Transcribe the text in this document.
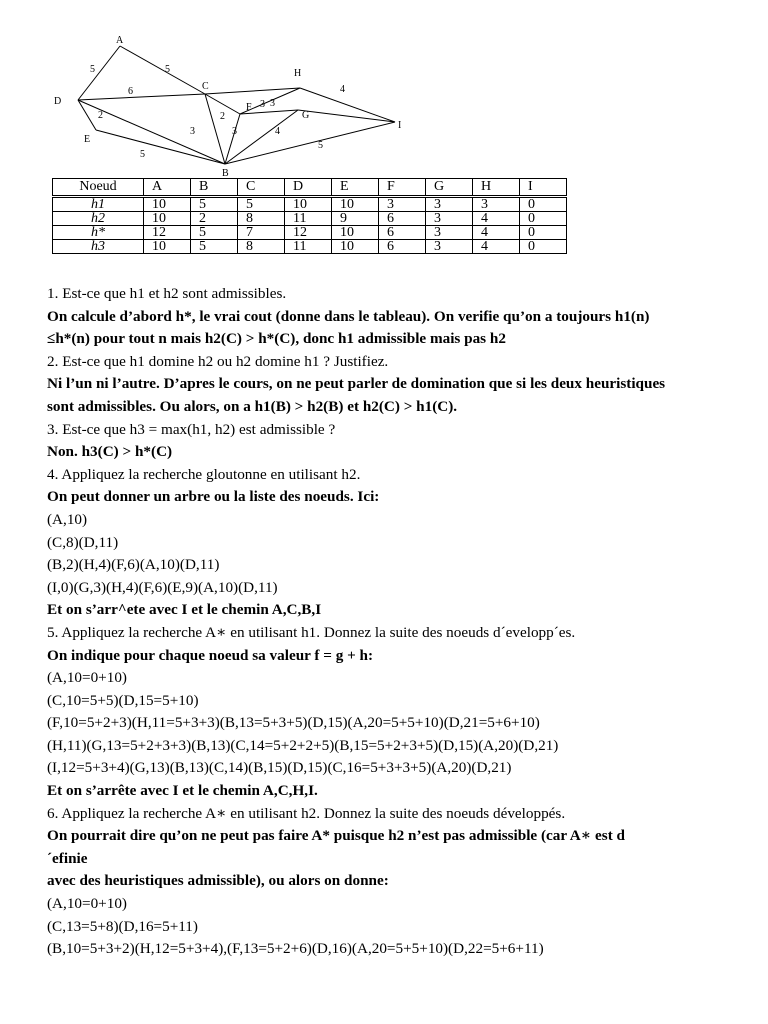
A
B
C
D
E
F
G
H
I
5	5
6
2
3
3
2
3
3
4
5
4
5
Noeud	A	B	C	D	E	F	G	H	I
h1	10	5	5	10	10	3	3	3	0
h2	10	2	8	11	9	6	3	4	0
h*	12	5	7	12	10	6	3	4	0
h3	10	5	8	11	10	6	3	4	0

1. Est-ce que h1 et h2 sont admissibles.

On calcule d’abord h*, le vrai cout (donne dans le tableau). On verifie qu’on a toujours h1(n)

≤h*(n) pour tout n mais h2(C) > h*(C), donc h1 admissible mais pas h2

2. Est-ce que h1 domine h2 ou h2 domine h1 ? Justifiez.

Ni l’un ni l’autre. D’apres le cours, on ne peut parler de domination que si les deux heuristiques

sont admissibles. Ou alors, on a h1(B) > h2(B) et h2(C) > h1(C).

3. Est-ce que h3 = max(h1, h2) est admissible ?

Non. h3(C) > h*(C)

4. Appliquez la recherche gloutonne en utilisant h2.

On peut donner un arbre ou la liste des noeuds. Ici:

(A,10)

(C,8)(D,11)

(B,2)(H,4)(F,6)(A,10)(D,11)

(I,0)(G,3)(H,4)(F,6)(E,9)(A,10)(D,11)

Et on s’arr^ete avec I et le chemin A,C,B,I

5. Appliquez la recherche A∗ en utilisant h1. Donnez la suite des noeuds d´evelopp´es.

On indique pour chaque noeud sa valeur f = g + h:

(A,10=0+10)

(C,10=5+5)(D,15=5+10)

(F,10=5+2+3)(H,11=5+3+3)(B,13=5+3+5)(D,15)(A,20=5+5+10)(D,21=5+6+10)

(H,11)(G,13=5+2+3+3)(B,13)(C,14=5+2+2+5)(B,15=5+2+3+5)(D,15)(A,20)(D,21)

(I,12=5+3+4)(G,13)(B,13)(C,14)(B,15)(D,15)(C,16=5+3+3+5)(A,20)(D,21)

Et on s’arrête avec I et le chemin A,C,H,I.

6. Appliquez la recherche A∗ en utilisant h2. Donnez la suite des noeuds développés.

On pourrait dire qu’on ne peut pas faire A* puisque h2 n’est pas admissible (car A∗ est d

´efinie

avec des heuristiques admissible), ou alors on donne:

(A,10=0+10)

(C,13=5+8)(D,16=5+11)

(B,10=5+3+2)(H,12=5+3+4),(F,13=5+2+6)(D,16)(A,20=5+5+10)(D,22=5+6+11)
